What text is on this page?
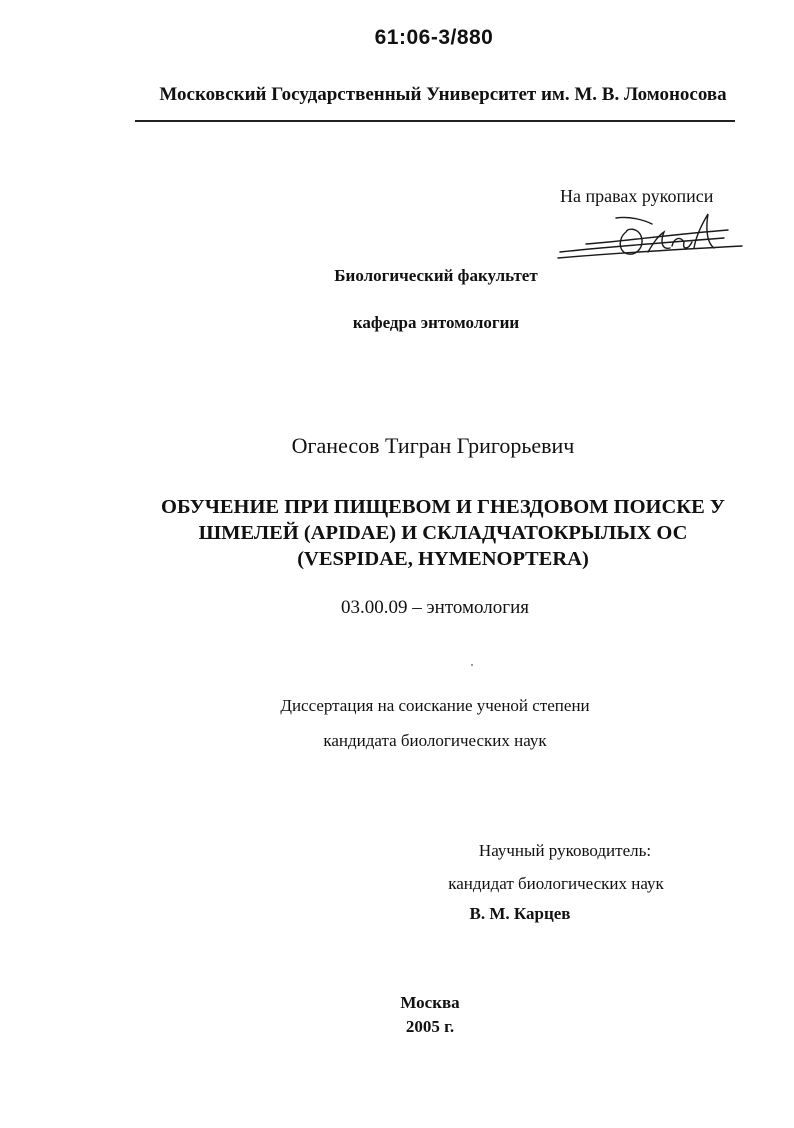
61:06-3/880
Московский Государственный Университет им. М. В. Ломоносова
На правах рукописи
Биологический факультет
кафедра энтомологии
Оганесов Тигран Григорьевич
ОБУЧЕНИЕ ПРИ ПИЩЕВОМ И ГНЕЗДОВОМ ПОИСКЕ У
ШМЕЛЕЙ (APIDAE) И СКЛАДЧАТОКРЫЛЫХ ОС
(VESPIDAE, HYMENOPTERA)
03.00.09 – энтомология
Диссертация на соискание ученой степени
кандидата биологических наук
Научный руководитель:
кандидат биологических наук
В. М. Карцев
Москва
2005 г.
